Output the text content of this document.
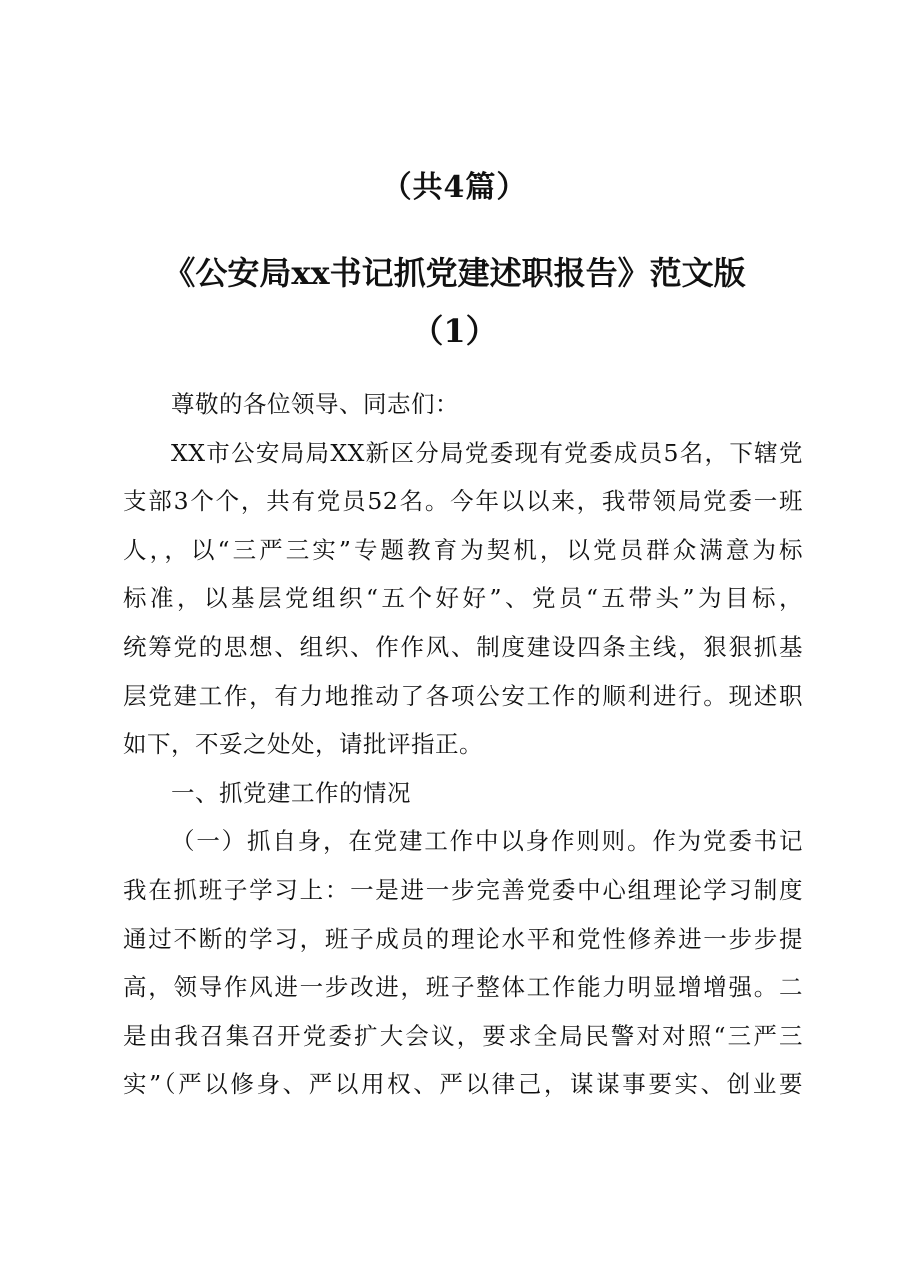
（共4篇）
《公安局xx书记抓党建述职报告》范文版
（1）

尊敬的各位领导、同志们：

XX市公安局局XX新区分局党委现有党委成员5名，下辖党
支部3个个，共有党员52名。今年以以来，我带领局党委一班
人，，以“三严三实”专题教育为契机，以党员群众满意为标
标准，以基层党组织“五个好好”、党员“五带头”为目标，
统筹党的思想、组织、作作风、制度建设四条主线，狠狠抓基
层党建工作，有力地推动了各项公安工作的顺利进行。现述职
如下，不妥之处处，请批评指正。

一、抓党建工作的情况

（一）抓自身，在党建工作中以身作则则。作为党委书记
我在抓班子学习上：一是进一步完善党委中心组理论学习制度
通过不断的学习，班子成员的理论水平和党性修养进一步步提
高，领导作风进一步改进，班子整体工作能力明显增增强。二
是由我召集召开党委扩大会议，要求全局民警对对照“三严三
实”（严以修身、严以用权、严以律己，谋谋事要实、创业要
